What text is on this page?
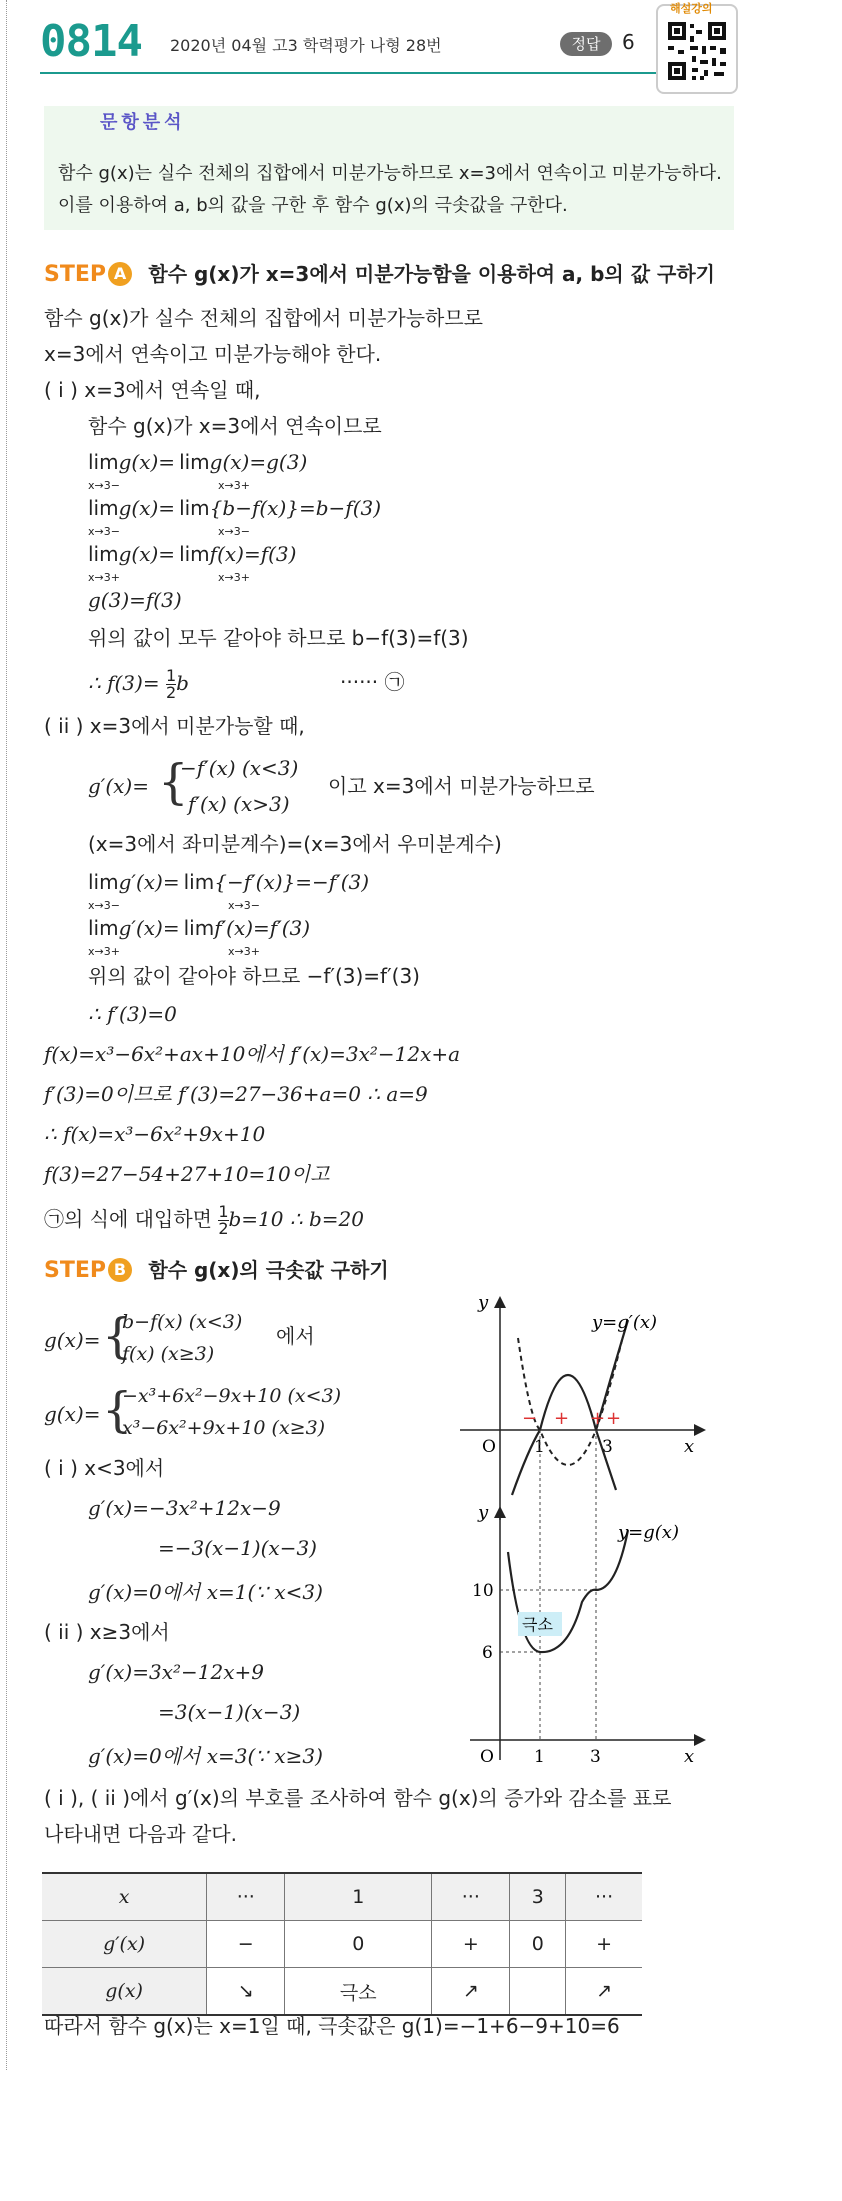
0814 2020년 04월 고3 학력평가 나형 28번	정답	6
해설강의
문항분석
함수 g(x)는 실수 전체의 집합에서 미분가능하므로 x=3에서 연속이고 미분가능하다.
이를 이용하여 a, b의 값을 구한 후 함수 g(x)의 극솟값을 구한다.
STEP A 함수 g(x)가 x=3에서 미분가능함을 이용하여 a, b의 값 구하기
함수 g(x)가 실수 전체의 집합에서 미분가능하므로
x=3에서 연속이고 미분가능해야 한다.
( i ) x=3에서 연속일 때,
함수 g(x)가 x=3에서 연속이므로
limg(x)= limg(x)=g(3)
x→3−	x→3+
limg(x)= lim{b−f(x)}=b−f(3)
x→3−	x→3−
limg(x)= limf(x)=f(3)
x→3+	x→3+
g(3)=f(3)
위의 값이 모두 같아야 하므로 b−f(3)=f(3)
∴ $f(3)= \frac{1}{2}$ b	······ ㉠
( ii ) x=3에서 미분가능할 때,
g′(x)= {
−f′(x) (x<3)
f′(x) (x>3)
이고 x=3에서 미분가능하므로
(x=3에서 좌미분계수)=(x=3에서 우미분계수)
limg′(x)= lim{−f′(x)}=−f′(3)
x→3−	x→3−
limg′(x)= limf′(x)=f′(3)
x→3+	x→3+
위의 값이 같아야 하므로 −f′(3)=f′(3)
∴ f′(3)=0
f(x)=x³−6x²+ax+10에서 f′(x)=3x²−12x+a
f′(3)=0이므로 f′(3)=27−36+a=0 ∴ a=9
∴ f(x)=x³−6x²+9x+10
f(3)=27−54+27+10=10이고
㉠의 식에 대입하면 $\frac{1}{2} b=10$ ∴ b=20
STEP B 함수 g(x)의 극솟값 구하기
g(x)= {
b−f(x) (x<3)
f(x) (x≥3)
에서
g(x)= {
−x³+6x²−9x+10 (x<3)
x³−6x²+9x+10 (x≥3)
( i ) x<3에서
g′(x)=−3x²+12x−9
=−3(x−1)(x−3)
g′(x)=0에서 x=1(∵ x<3)
( ii ) x≥3에서
g′(x)=3x²−12x+9
=3(x−1)(x−3)
g′(x)=0에서 x=3(∵ x≥3)
y
x
O 1	3
y=g′(x)
− + + +
y
x
O 1	3
10
6
y=g(x)
극소
( i ), ( ii )에서 g′(x)의 부호를 조사하여 함수 g(x)의 증가와 감소를 표로
나타내면 다음과 같다.
x	···	1	···	3	···
g′(x)	−	0	+	0	+
g(x)	↘	극소	↗		↗
따라서 함수 g(x)는 x=1일 때, 극솟값은 g(1)=−1+6−9+10=6
